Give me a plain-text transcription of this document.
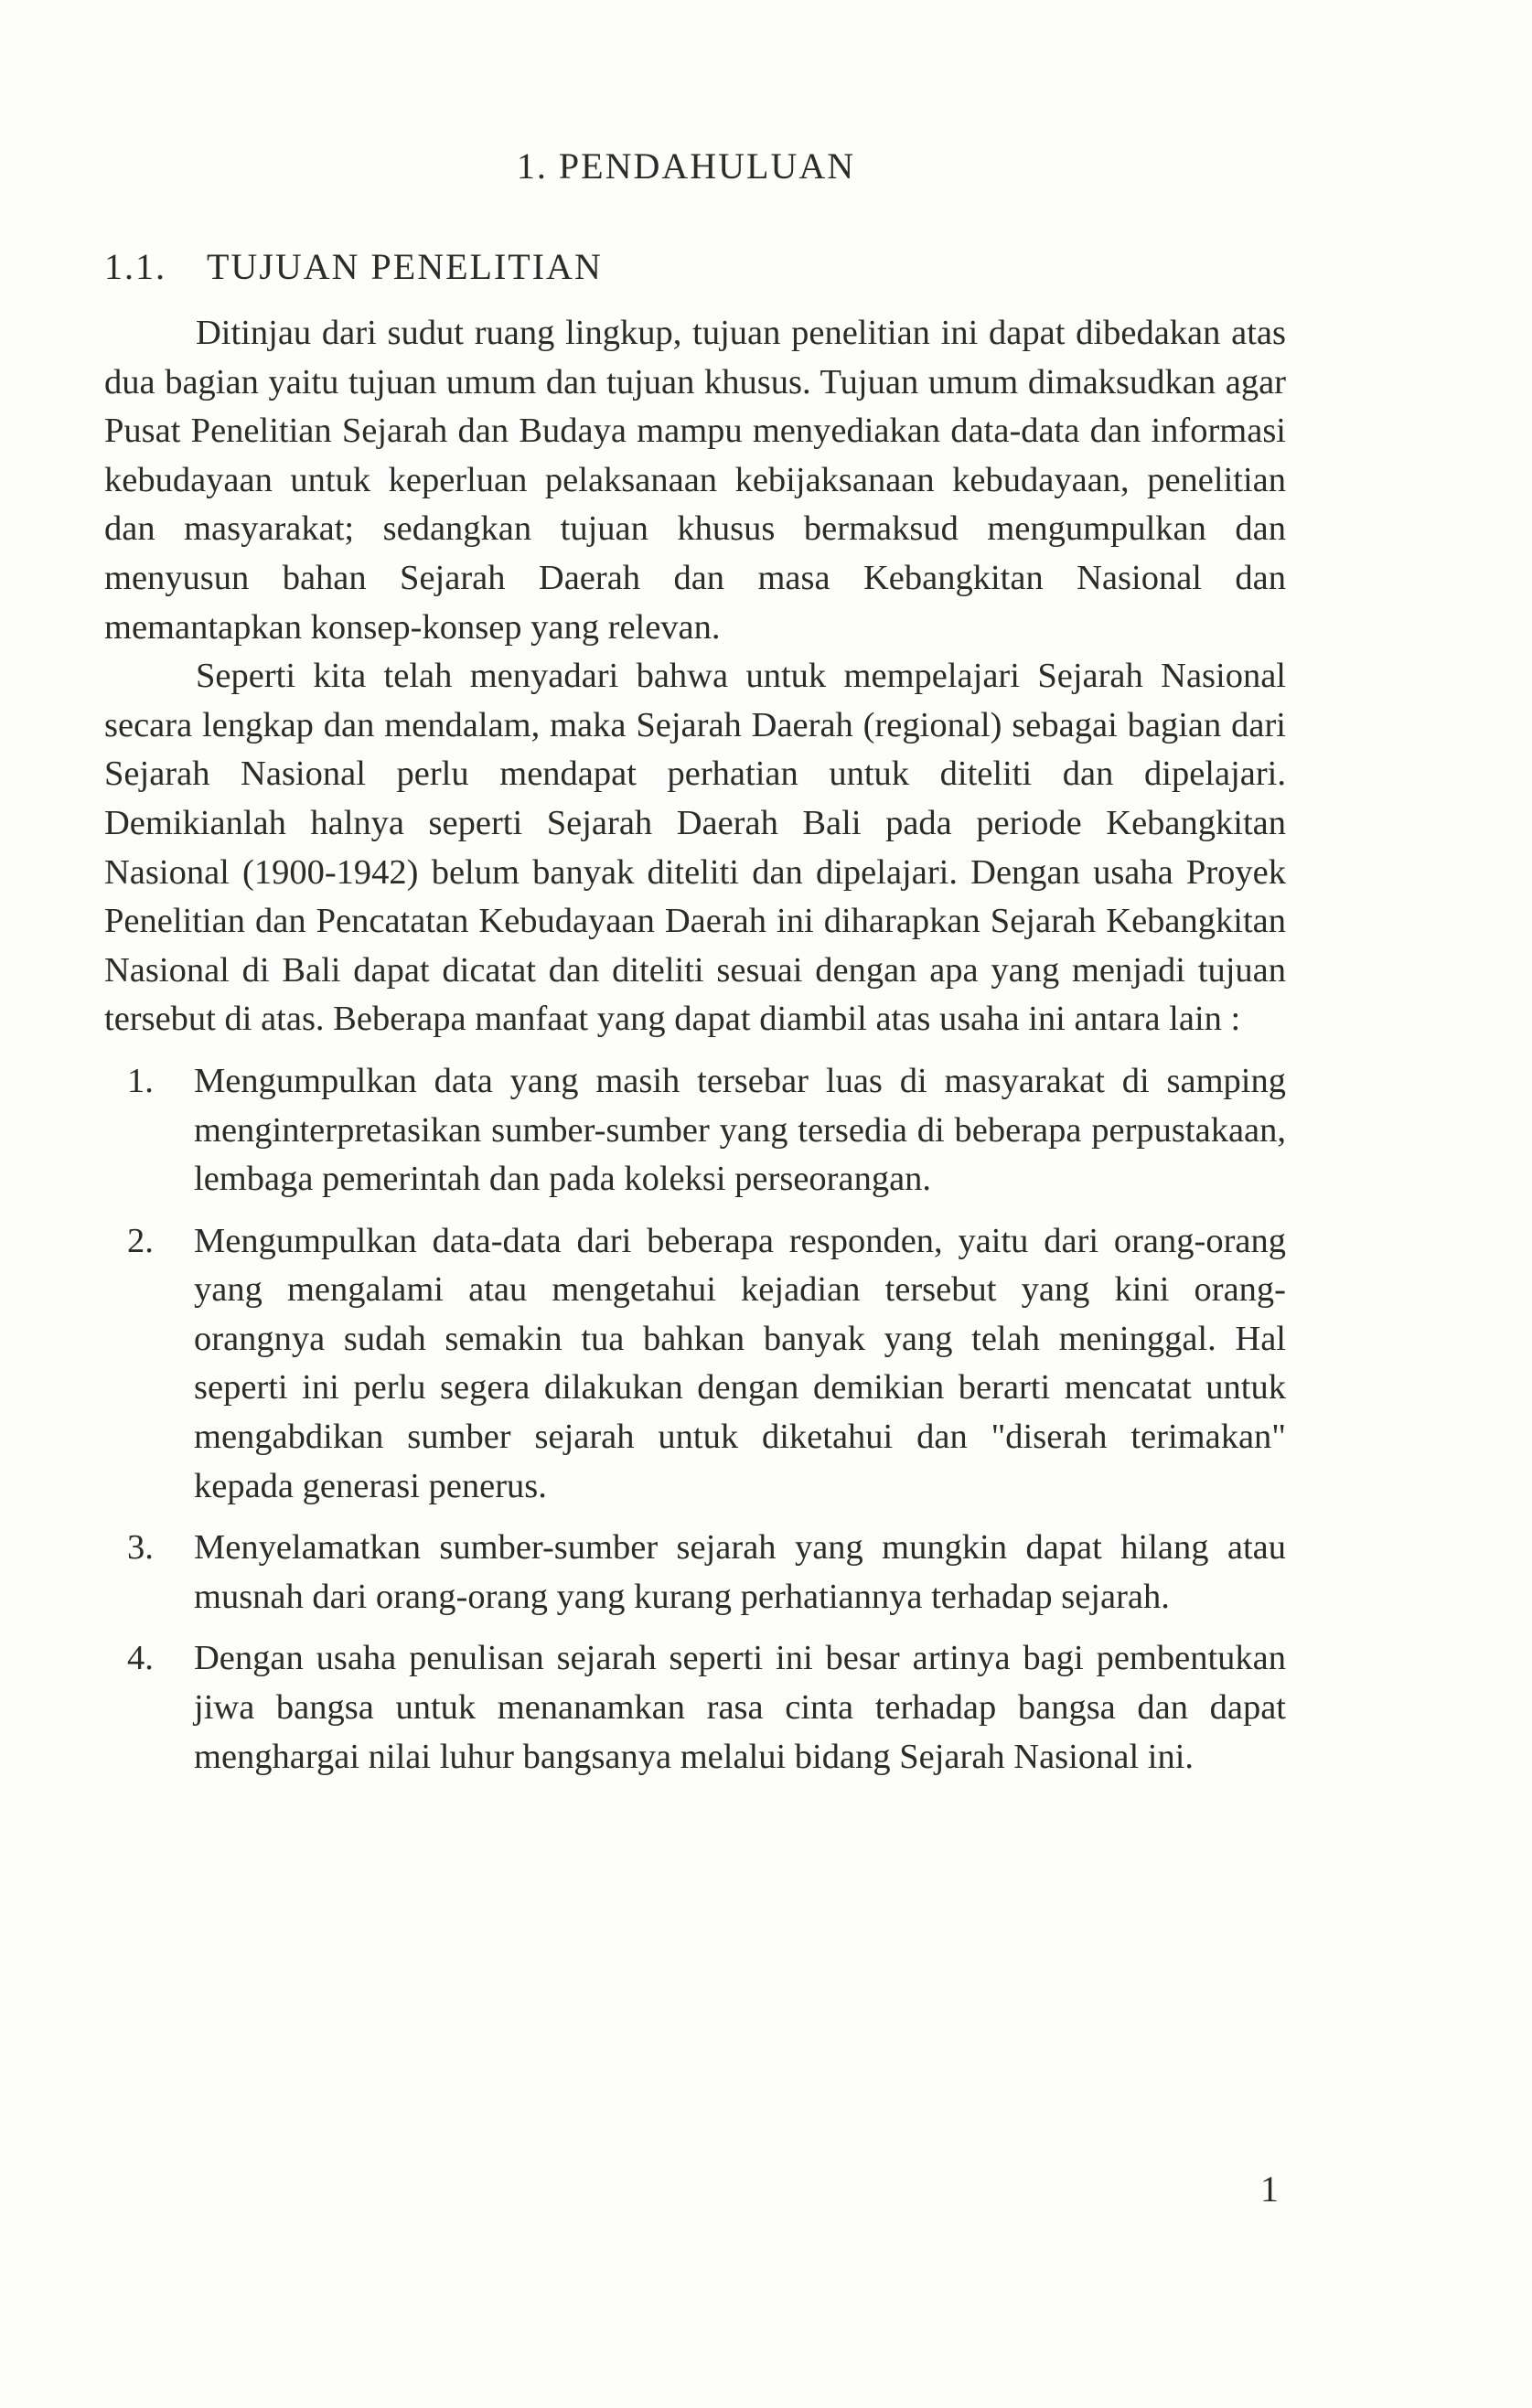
1. PENDAHULUAN
1.1. TUJUAN PENELITIAN

Ditinjau dari sudut ruang lingkup, tujuan penelitian ini dapat dibedakan atas dua bagian yaitu tujuan umum dan tujuan khusus. Tujuan umum dimaksudkan agar Pusat Penelitian Sejarah dan Budaya mampu menyediakan data-data dan informasi kebudayaan untuk keperluan pelaksanaan kebijaksanaan kebudayaan, penelitian dan masyarakat; sedangkan tujuan khusus bermaksud mengumpulkan dan menyusun bahan Sejarah Daerah dan masa Kebangkitan Nasional dan memantapkan konsep-konsep yang relevan.

Seperti kita telah menyadari bahwa untuk mempelajari Sejarah Nasional secara lengkap dan mendalam, maka Sejarah Daerah (regional) sebagai bagian dari Sejarah Nasional perlu mendapat perhatian untuk diteliti dan dipelajari. Demikianlah halnya seperti Sejarah Daerah Bali pada periode Kebangkitan Nasional (1900-1942) belum banyak diteliti dan dipelajari. Dengan usaha Proyek Penelitian dan Pencatatan Kebudayaan Daerah ini diharapkan Sejarah Kebangkitan Nasional di Bali dapat dicatat dan diteliti sesuai dengan apa yang menjadi tujuan tersebut di atas. Beberapa manfaat yang dapat diambil atas usaha ini antara lain :

1. Mengumpulkan data yang masih tersebar luas di masyarakat di samping menginterpretasikan sumber-sumber yang tersedia di beberapa perpustakaan, lembaga pemerintah dan pada koleksi perseorangan.
2. Mengumpulkan data-data dari beberapa responden, yaitu dari orang-orang yang mengalami atau mengetahui kejadian tersebut yang kini orang-orangnya sudah semakin tua bahkan banyak yang telah meninggal. Hal seperti ini perlu segera dilakukan dengan demikian berarti mencatat untuk mengabdikan sumber sejarah untuk diketahui dan "diserah terimakan" kepada generasi penerus.
3. Menyelamatkan sumber-sumber sejarah yang mungkin dapat hilang atau musnah dari orang-orang yang kurang perhatiannya terhadap sejarah.
4. Dengan usaha penulisan sejarah seperti ini besar artinya bagi pembentukan jiwa bangsa untuk menanamkan rasa cinta terhadap bangsa dan dapat menghargai nilai luhur bangsanya melalui bidang Sejarah Nasional ini.
1
